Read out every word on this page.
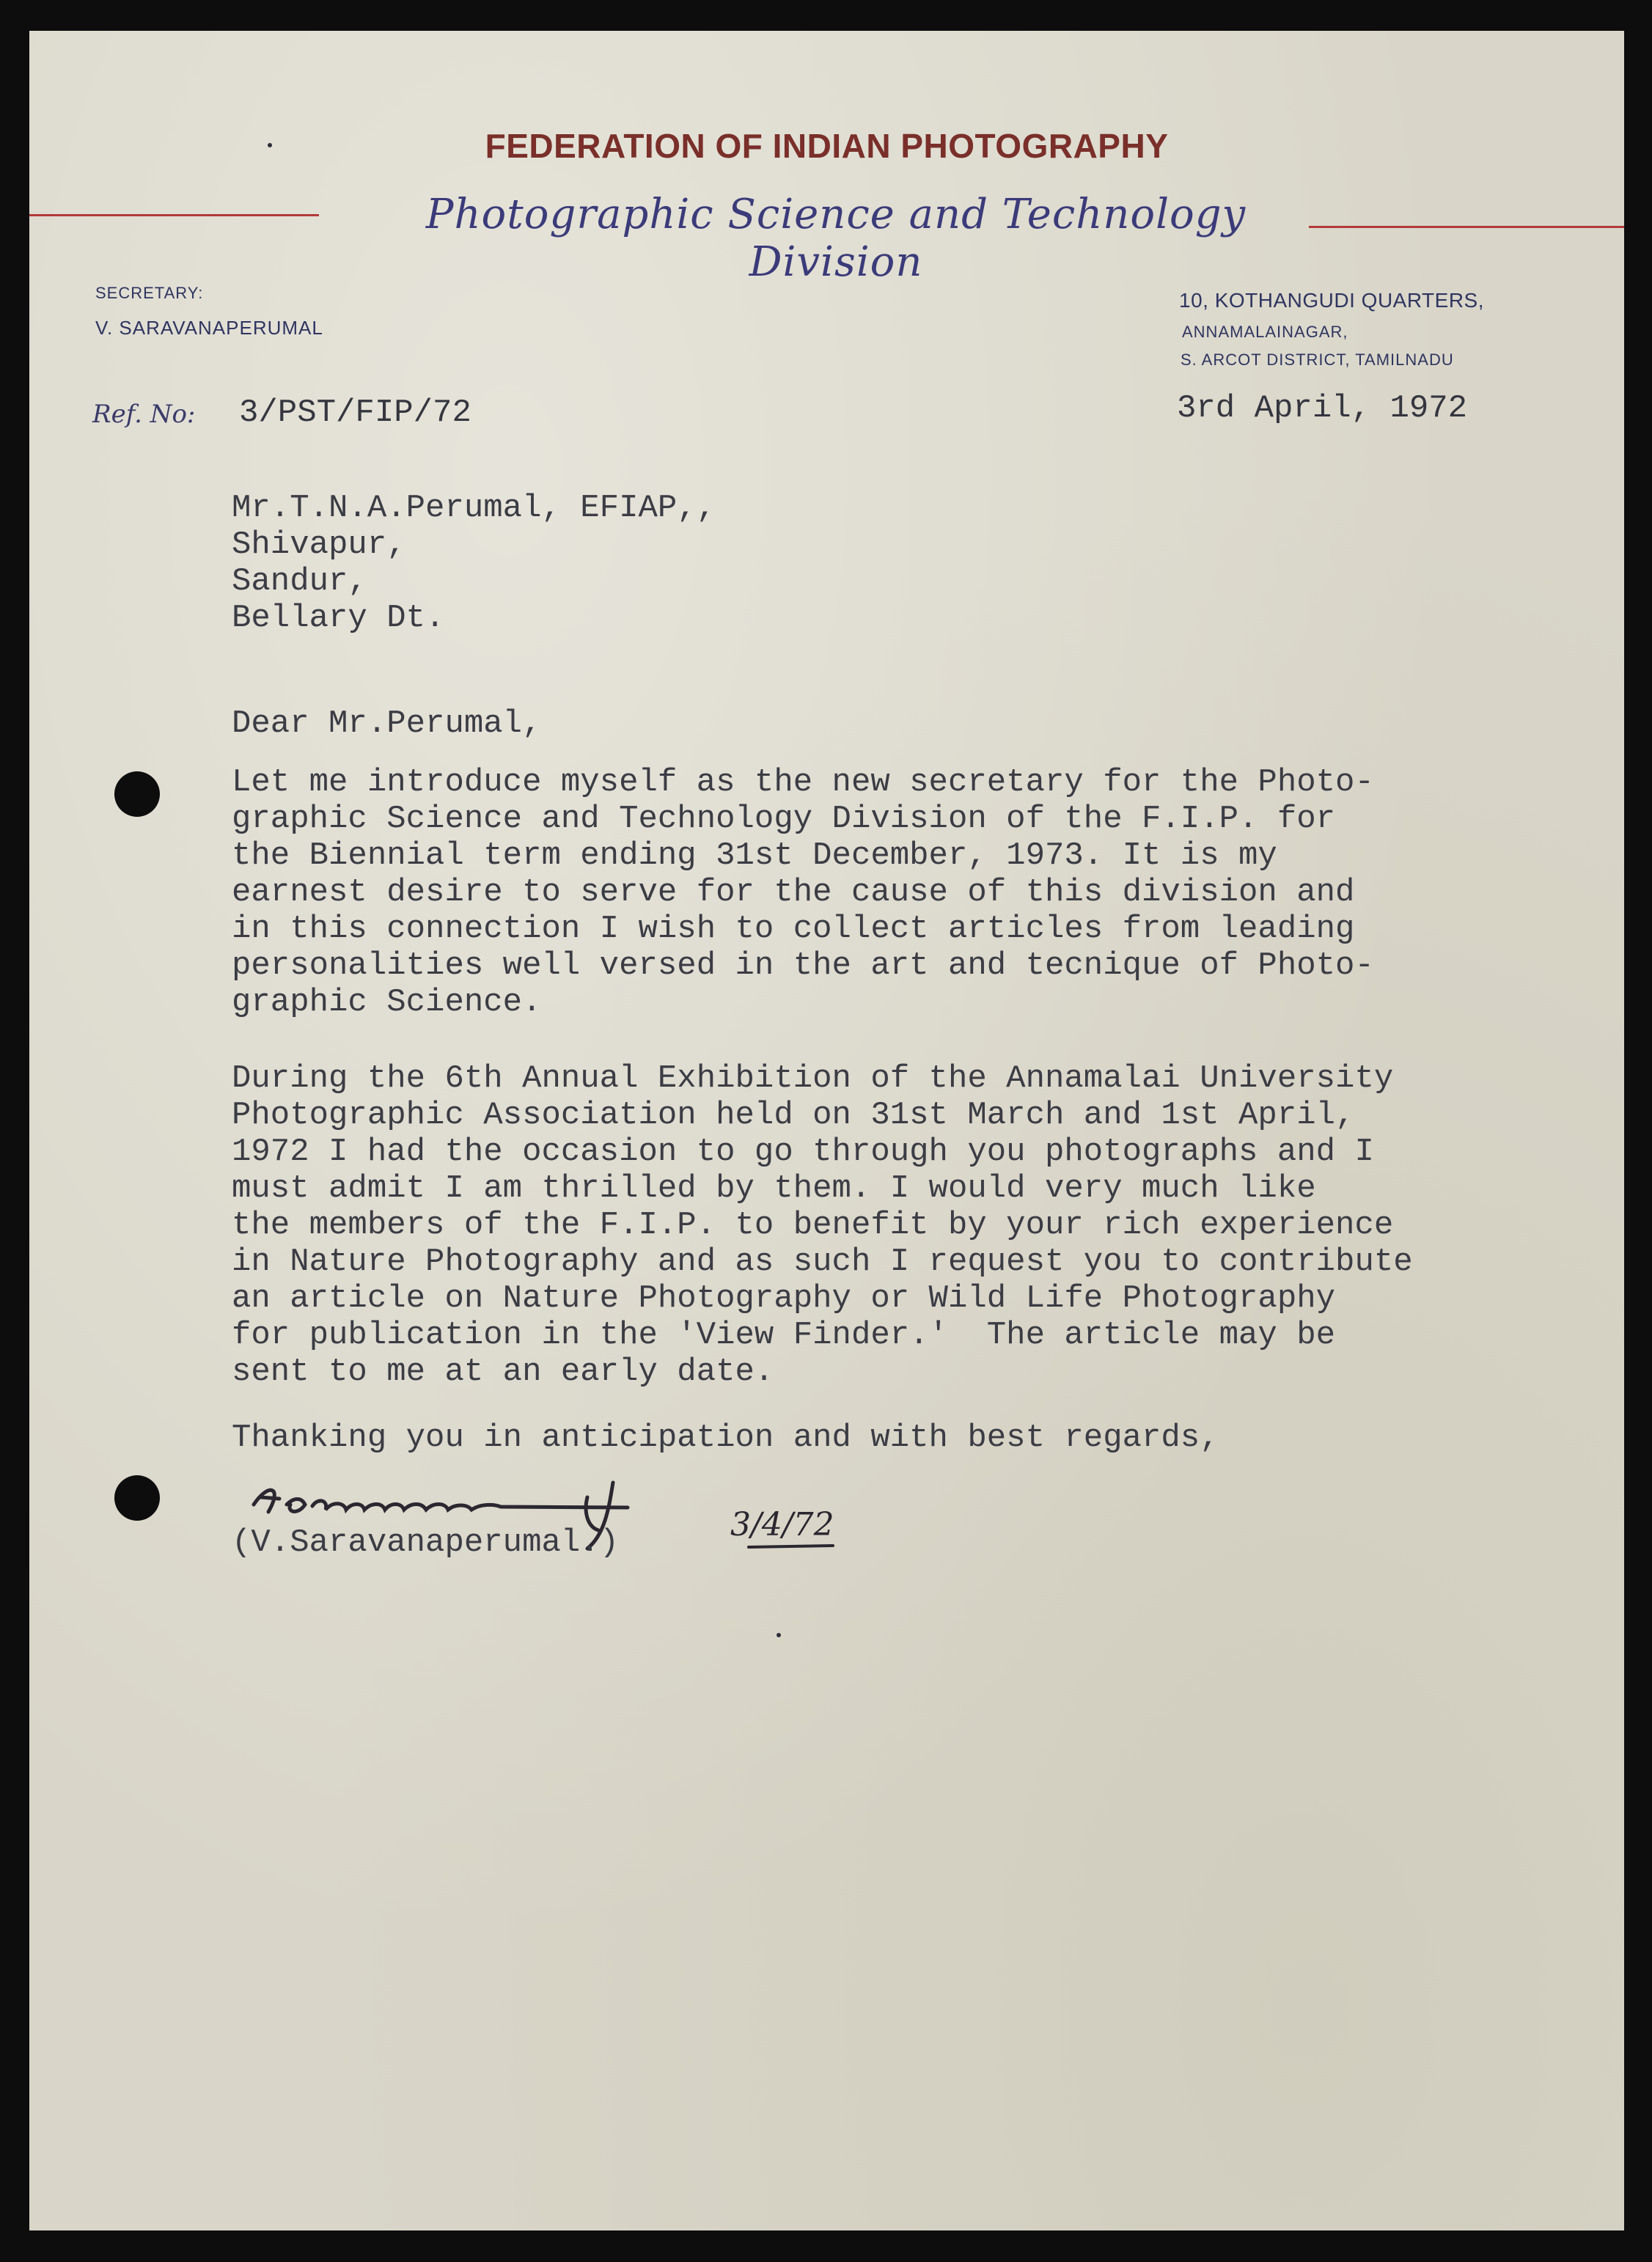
FEDERATION OF INDIAN PHOTOGRAPHY
Photographic Science and Technology Division
SECRETARY:
V. SARAVANAPERUMAL
Ref. No: 3/PST/FIP/72
10, KOTHANGUDI QUARTERS,
ANNAMALAINAGAR,
S. ARCOT DISTRICT, TAMILNADU
3rd April, 1972
Mr.T.N.A.Perumal, EFIAP,,
Shivapur,
Sandur,
Bellary Dt.
Dear Mr.Perumal,
Let me introduce myself as the new secretary for the Photo-
graphic Science and Technology Division of the F.I.P. for
the Biennial term ending 31st December, 1973. It is my
earnest desire to serve for the cause of this division and
in this connection I wish to collect articles from leading
personalities well versed in the art and tecnique of Photo-
graphic Science.
During the 6th Annual Exhibition of the Annamalai University
Photographic Association held on 31st March and 1st April,
1972 I had the occasion to go through you photographs and I
must admit I am thrilled by them. I would very much like
the members of the F.I.P. to benefit by your rich experience
in Nature Photography and as such I request you to contribute
an article on Nature Photography or Wild Life Photography
for publication in the 'View Finder.'  The article may be
sent to me at an early date.
Thanking you in anticipation and with best regards,
3/4/72
(V.Saravanaperumal.)
